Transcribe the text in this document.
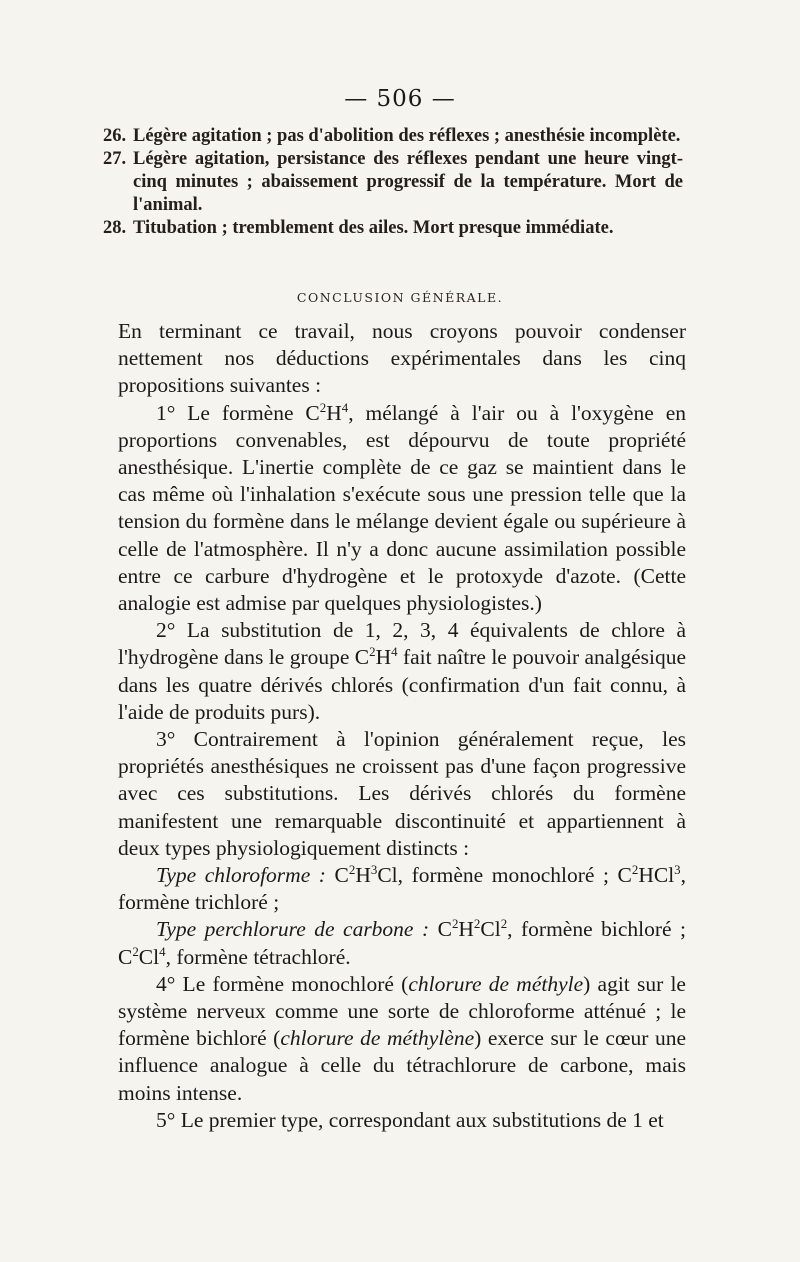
— 506 —
26. Légère agitation ; pas d'abolition des réflexes ; anesthésie incomplète.
27. Légère agitation, persistance des réflexes pendant une heure vingt-cinq minutes ; abaissement progressif de la température. Mort de l'animal.
28. Titubation ; tremblement des ailes. Mort presque immédiate.
CONCLUSION GÉNÉRALE.

En terminant ce travail, nous croyons pouvoir condenser nettement nos déductions expérimentales dans les cinq propositions suivantes :

1° Le formène $C^2H^4$, mélangé à l'air ou à l'oxygène en proportions convenables, est dépourvu de toute propriété anesthésique. L'inertie complète de ce gaz se maintient dans le cas même où l'inhalation s'exécute sous une pression telle que la tension du formène dans le mélange devient égale ou supérieure à celle de l'atmosphère. Il n'y a donc aucune assimilation possible entre ce carbure d'hydrogène et le protoxyde d'azote. (Cette analogie est admise par quelques physiologistes.)

2° La substitution de 1, 2, 3, 4 équivalents de chlore à l'hydrogène dans le groupe $C^2H^4$ fait naître le pouvoir analgésique dans les quatre dérivés chlorés (confirmation d'un fait connu, à l'aide de produits purs).

3° Contrairement à l'opinion généralement reçue, les propriétés anesthésiques ne croissent pas d'une façon progressive avec ces substitutions. Les dérivés chlorés du formène manifestent une remarquable discontinuité et appartiennent à deux types physiologiquement distincts :

Type chloroforme : $C^2H^3Cl$, formène monochloré ; $C^2HCl^3$, formène trichloré ;

Type perchlorure de carbone : $C^2H^2Cl^2$, formène bichloré ; $C^2Cl^4$, formène tétrachloré.

4° Le formène monochloré (chlorure de méthyle) agit sur le système nerveux comme une sorte de chloroforme atténué ; le formène bichloré (chlorure de méthylène) exerce sur le cœur une influence analogue à celle du tétrachlorure de carbone, mais moins intense.

5° Le premier type, correspondant aux substitutions de 1 et
